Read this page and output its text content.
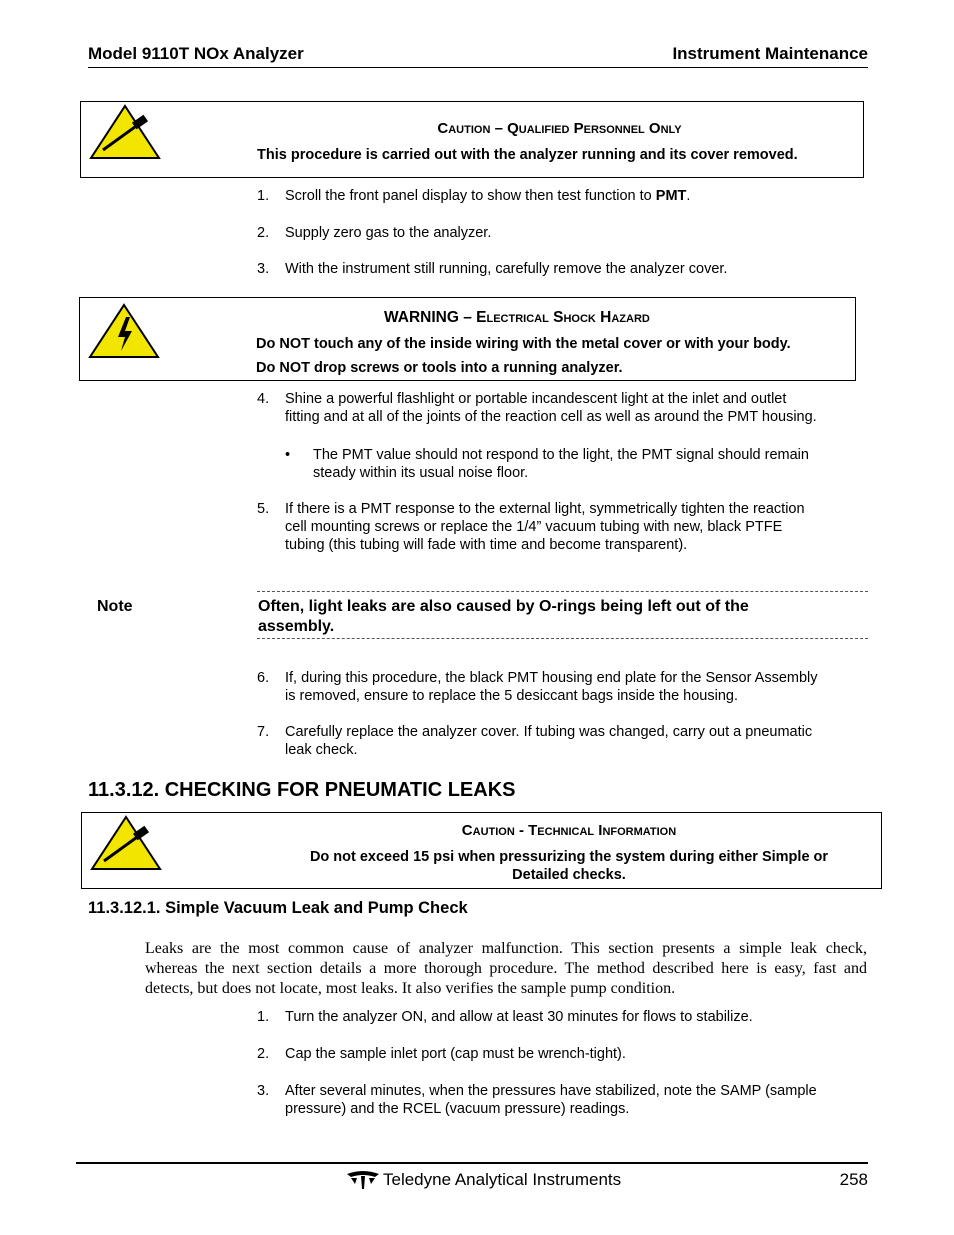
Model 9110T NOx Analyzer	Instrument Maintenance
Caution – Qualified Personnel Only
This procedure is carried out with the analyzer running and its cover removed.
1. Scroll the front panel display to show then test function to PMT.
2. Supply zero gas to the analyzer.
3. With the instrument still running, carefully remove the analyzer cover.
WARNING – Electrical Shock Hazard
Do NOT touch any of the inside wiring with the metal cover or with your body.
Do NOT drop screws or tools into a running analyzer.
4. Shine a powerful flashlight or portable incandescent light at the inlet and outlet
fitting and at all of the joints of the reaction cell as well as around the PMT housing.
• The PMT value should not respond to the light, the PMT signal should remain
steady within its usual noise floor.
5. If there is a PMT response to the external light, symmetrically tighten the reaction
cell mounting screws or replace the 1/4” vacuum tubing with new, black PTFE
tubing (this tubing will fade with time and become transparent).
Note	Often, light leaks are also caused by O-rings being left out of the
assembly.
6. If, during this procedure, the black PMT housing end plate for the Sensor Assembly
is removed, ensure to replace the 5 desiccant bags inside the housing.
7. Carefully replace the analyzer cover. If tubing was changed, carry out a pneumatic
leak check.
11.3.12. CHECKING FOR PNEUMATIC LEAKS
Caution - Technical Information
Do not exceed 15 psi when pressurizing the system during either Simple or
Detailed checks.
11.3.12.1. Simple Vacuum Leak and Pump Check
Leaks are the most common cause of analyzer malfunction. This section presents a simple leak check,
whereas the next section details a more thorough procedure. The method described here is easy, fast and
detects, but does not locate, most leaks. It also verifies the sample pump condition.
1. Turn the analyzer ON, and allow at least 30 minutes for flows to stabilize.
2. Cap the sample inlet port (cap must be wrench-tight).
3. After several minutes, when the pressures have stabilized, note the SAMP (sample
pressure) and the RCEL (vacuum pressure) readings.
Teledyne Analytical Instruments	258
